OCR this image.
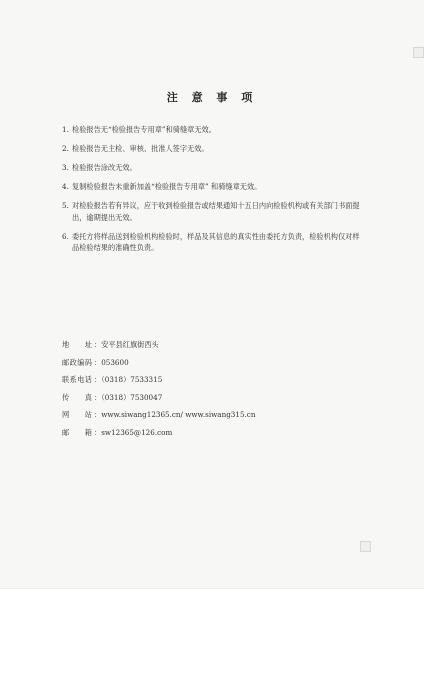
注 意 事 项
1 . 检验报告无“检验报告专用章”和骑缝章无效。
2 . 检验报告无主检、审核、批准人签字无效。
3 . 检验报告涂改无效。
4 . 复制检验报告未重新加盖“检验报告专用章” 和骑缝章无效。
5 . 对检验报告若有异议，应于收到检验报告或结果通知十五日内向检验机构或有关部门书面提出，逾期提出无效。
6 . 委托方将样品送到检验机构检验时，样品及其信息的真实性由委托方负责，检验机构仅对样品检验结果的准确性负责。
地址 ：安平县红旗街西头
邮政编码 ：053600
联系电话 ：（0318）7533315
传真 ：（0318）7530047
网站 ：www.siwang12365.cn/ www.siwang315.cn
邮箱 ：sw12365@126.com
